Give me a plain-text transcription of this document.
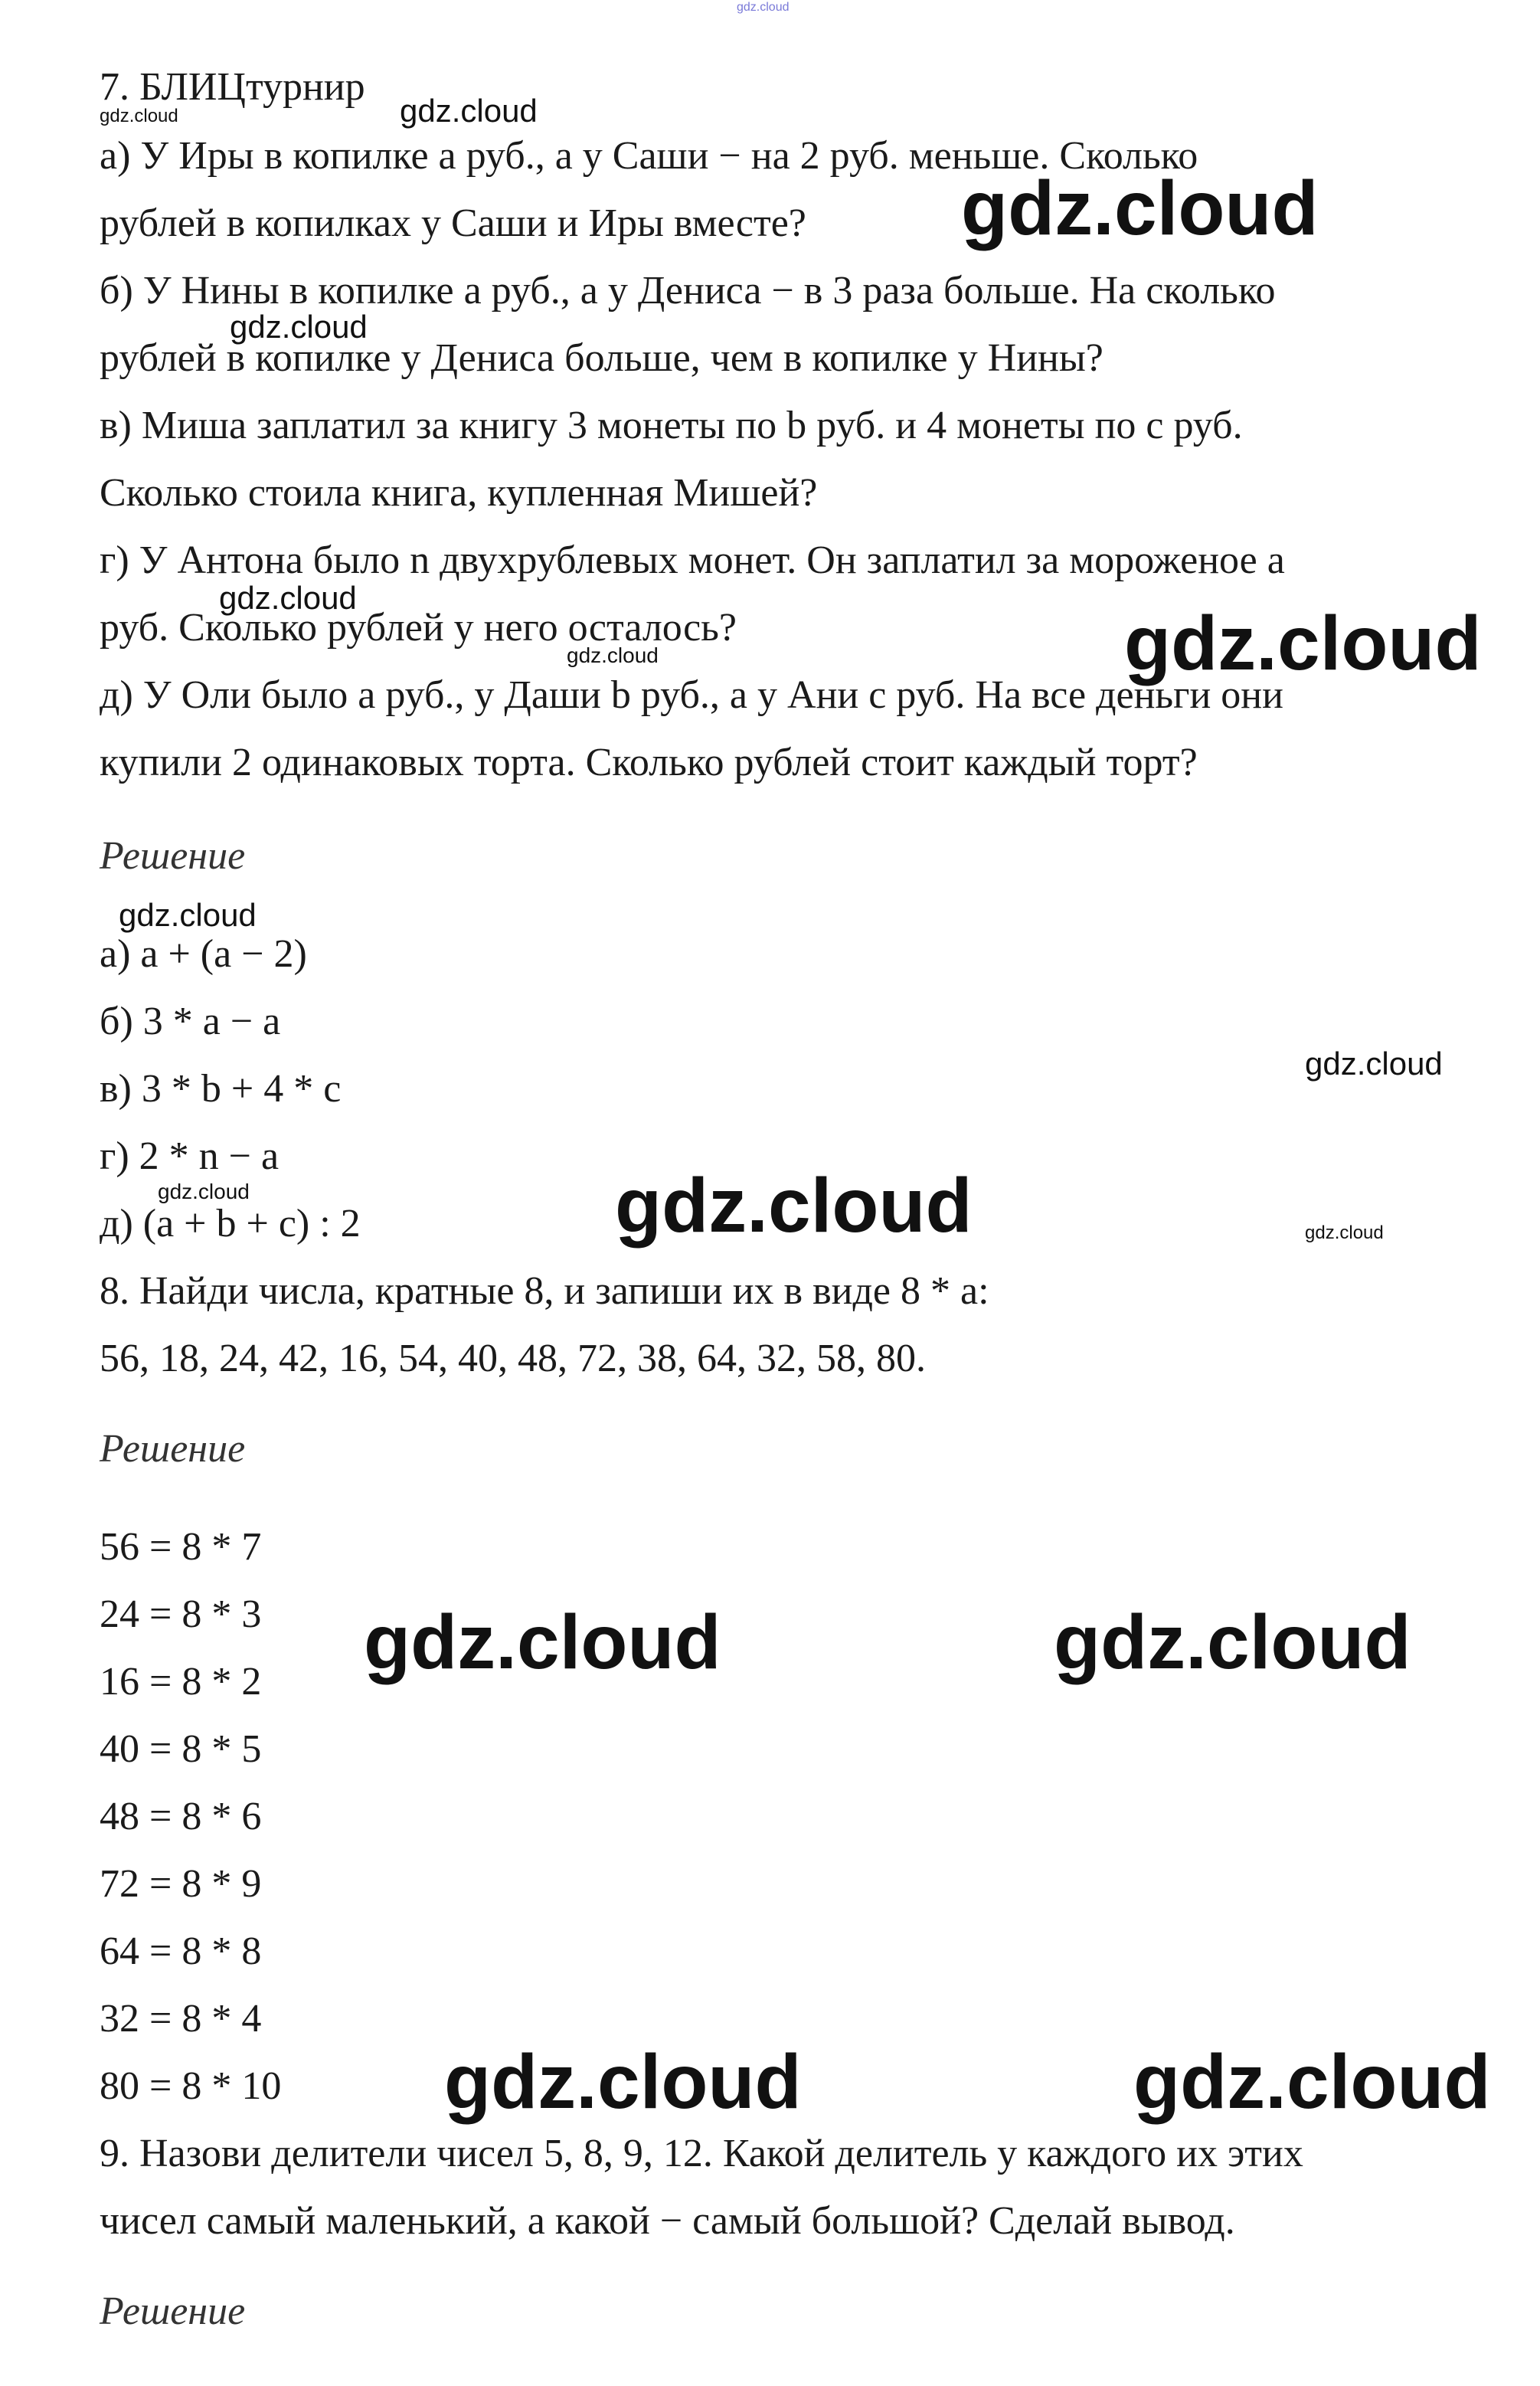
gdz.cloud
7. БЛИЦтурнир
а) У Иры в копилке a руб., а у Саши − на 2 руб. меньше. Сколько
рублей в копилках у Саши и Иры вместе?
б) У Нины в копилке а руб., а у Дениса − в 3 раза больше. На сколько
рублей в копилке у Дениса больше, чем в копилке у Нины?
в) Миша заплатил за книгу 3 монеты по b руб. и 4 монеты по с руб.
Сколько стоила книга, купленная Мишей?
г) У Антона было n двухрублевых монет. Он заплатил за мороженое а
руб. Сколько рублей у него осталось?
д) У Оли было а руб., у Даши b руб., а у Ани с руб. На все деньги они
купили 2 одинаковых торта. Сколько рублей стоит каждый торт?
Решение
а) a + (a − 2)
б) 3 * a − a
в) 3 * b + 4 * c
г) 2 * n − a
д) (a + b + c) : 2
8. Найди числа, кратные 8, и запиши их в виде 8 * а:
56, 18, 24, 42, 16, 54, 40, 48, 72, 38, 64, 32, 58, 80.
Решение
56 = 8 * 7
24 = 8 * 3
16 = 8 * 2
40 = 8 * 5
48 = 8 * 6
72 = 8 * 9
64 = 8 * 8
32 = 8 * 4
80 = 8 * 10
9. Назови делители чисел 5, 8, 9, 12. Какой делитель у каждого их этих
чисел самый маленький, а какой − самый большой? Сделай вывод.
Решение
gdz.cloud	gdz.cloud
gdz.cloud
gdz.cloud
gdz.cloud
gdz.cloud	gdz.cloud
gdz.cloud
gdz.cloud
gdz.cloud	gdz.cloud	gdz.cloud
gdz.cloud	gdz.cloud
gdz.cloud	gdz.cloud
